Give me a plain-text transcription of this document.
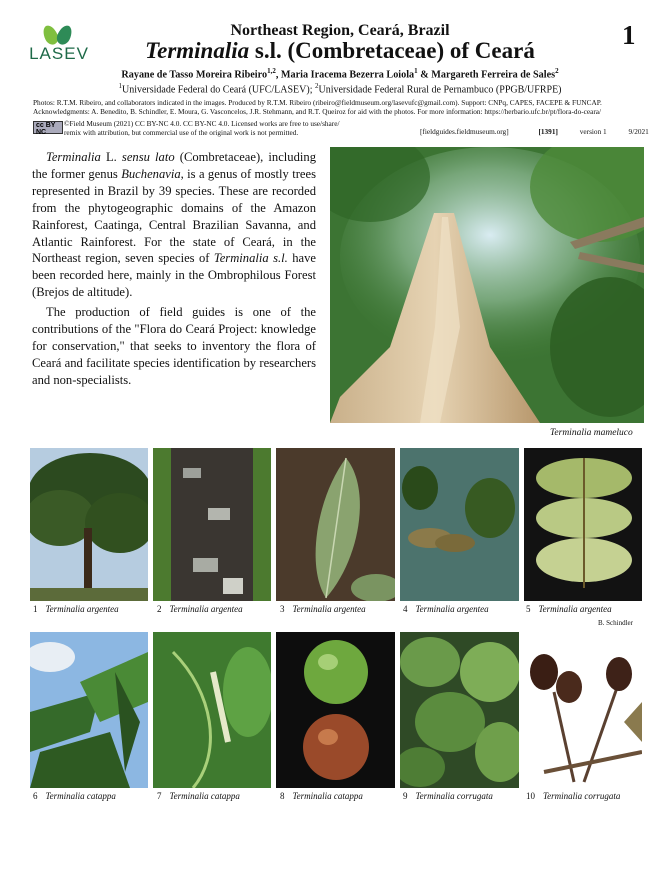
LASEV
Northeast Region, Ceará, Brazil
Terminalia s.l. (Combretaceae) of Ceará
1
Rayane de Tasso Moreira Ribeiro$^{1,2}$, Maria Iracema Bezerra Loiola$^1$ & Margareth Ferreira de Sales$^2$
$^1$Universidade Federal do Ceará (UFC/LASEV); $^2$Universidade Federal Rural de Pernambuco (PPGB/UFRPE)
Photos: R.T.M. Ribeiro, and collaborators indicated in the images. Produced by R.T.M. Ribeiro (ribeiro@fieldmuseum.org/lasevufc@gmail.com). Support: CNPq, CAPES, FACEPE & FUNCAP.
Acknowledgments: A. Benedito, B. Schindler, E. Moura, G. Vasconcelos, J.R. Stehmann, and R.T. Queiroz for aid with the photos. For more information: https://herbario.ufc.br/pt/flora-do-ceara/
cc BY NC
©Field Museum (2021) CC BY-NC 4.0. CC BY-NC 4.0. Licensed works are free to use/share/
remix with attribution, but commercial use of the original work is not permitted.	[fieldguides.fieldmuseum.org]	[1391]	version 1	9/2021

Terminalia L. sensu lato (Combretaceae), including the former genus Buchenavia, is a genus of mostly trees represented in Brazil by 39 species. These are recorded from the phytogeographic domains of the Amazon Rainforest, Caatinga, Central Brazilian Savanna, and Atlantic Rainforest. For the state of Ceará, in the Northeast region, seven species of Terminalia s.l. have been recorded here, mainly in the Ombrophilous Forest (Brejos de altitude).

The production of field guides is one of the contributions of the "Flora do Ceará Project: knowledge for conservation," that seeks to inventory the flora of Ceará and facilitate species identification by researchers and non-specialists.

Terminalia mameluco
1 Terminalia argentea	2 Terminalia argentea	3 Terminalia argentea	4 Terminalia argentea	5 Terminalia argentea
B. Schindler
6 Terminalia catappa	7 Terminalia catappa	8 Terminalia catappa	9 Terminalia corrugata	10 Terminalia corrugata
